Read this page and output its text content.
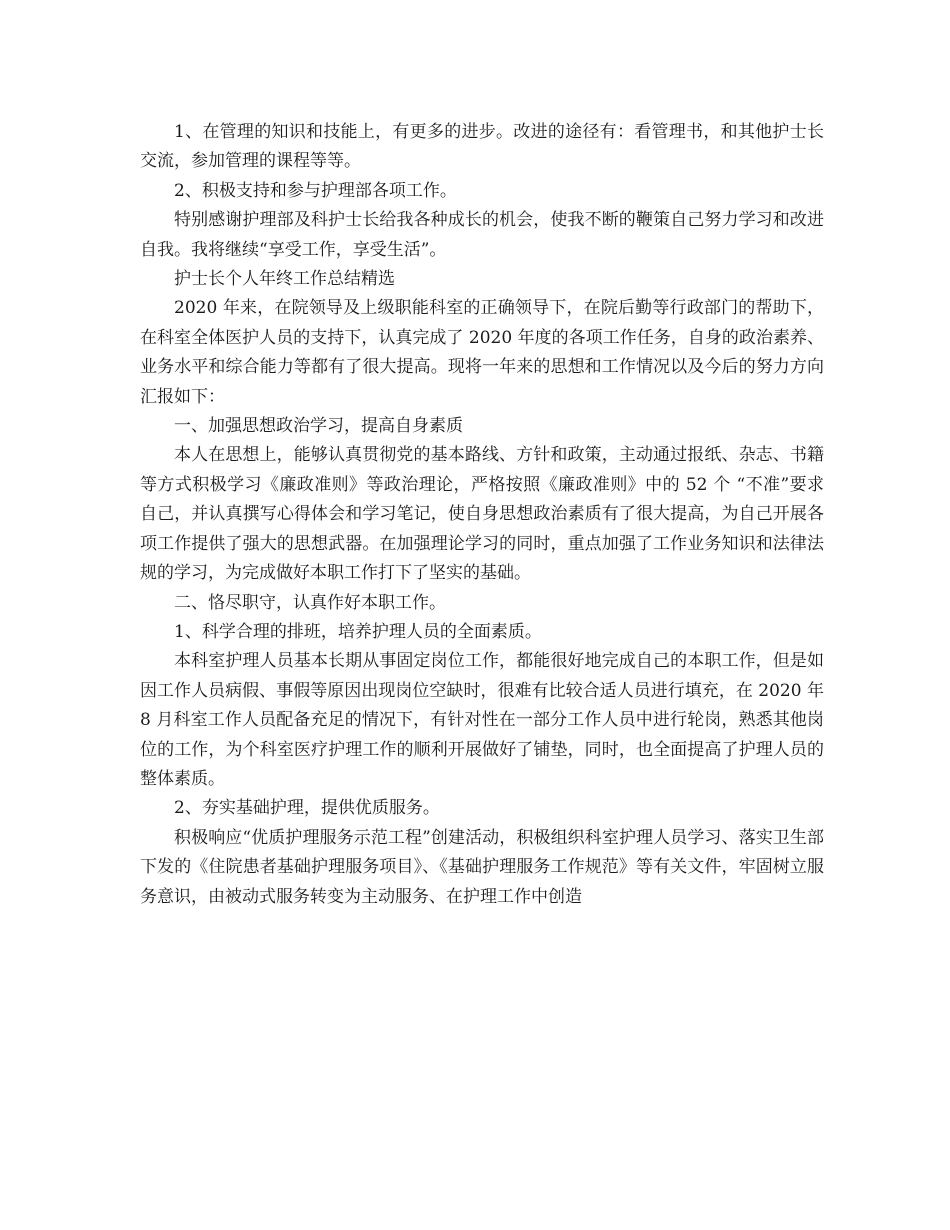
1、在管理的知识和技能上，有更多的进步。改进的途径有：看管理书，和其他护士长交流，参加管理的课程等等。

2、积极支持和参与护理部各项工作。

特别感谢护理部及科护士长给我各种成长的机会，使我不断的鞭策自己努力学习和改进自我。我将继续“享受工作，享受生活”。

护士长个人年终工作总结精选

2020 年来，在院领导及上级职能科室的正确领导下，在院后勤等行政部门的帮助下，在科室全体医护人员的支持下，认真完成了 2020 年度的各项工作任务，自身的政治素养、业务水平和综合能力等都有了很大提高。现将一年来的思想和工作情况以及今后的努力方向汇报如下：

一、加强思想政治学习，提高自身素质

本人在思想上，能够认真贯彻党的基本路线、方针和政策，主动通过报纸、杂志、书籍等方式积极学习《廉政准则》等政治理论，严格按照《廉政准则》中的 52 个 “不准”要求自己，并认真撰写心得体会和学习笔记，使自身思想政治素质有了很大提高，为自己开展各项工作提供了强大的思想武器。在加强理论学习的同时，重点加强了工作业务知识和法律法规的学习，为完成做好本职工作打下了坚实的基础。

二、恪尽职守，认真作好本职工作。

1、科学合理的排班，培养护理人员的全面素质。

本科室护理人员基本长期从事固定岗位工作，都能很好地完成自己的本职工作，但是如因工作人员病假、事假等原因出现岗位空缺时，很难有比较合适人员进行填充，在 2020 年 8 月科室工作人员配备充足的情况下，有针对性在一部分工作人员中进行轮岗，熟悉其他岗位的工作，为个科室医疗护理工作的顺利开展做好了铺垫，同时，也全面提高了护理人员的整体素质。

2、夯实基础护理，提供优质服务。

积极响应“优质护理服务示范工程”创建活动，积极组织科室护理人员学习、落实卫生部下发的《住院患者基础护理服务项目》、《基础护理服务工作规范》等有关文件，牢固树立服务意识，由被动式服务转变为主动服务、在护理工作中创造
